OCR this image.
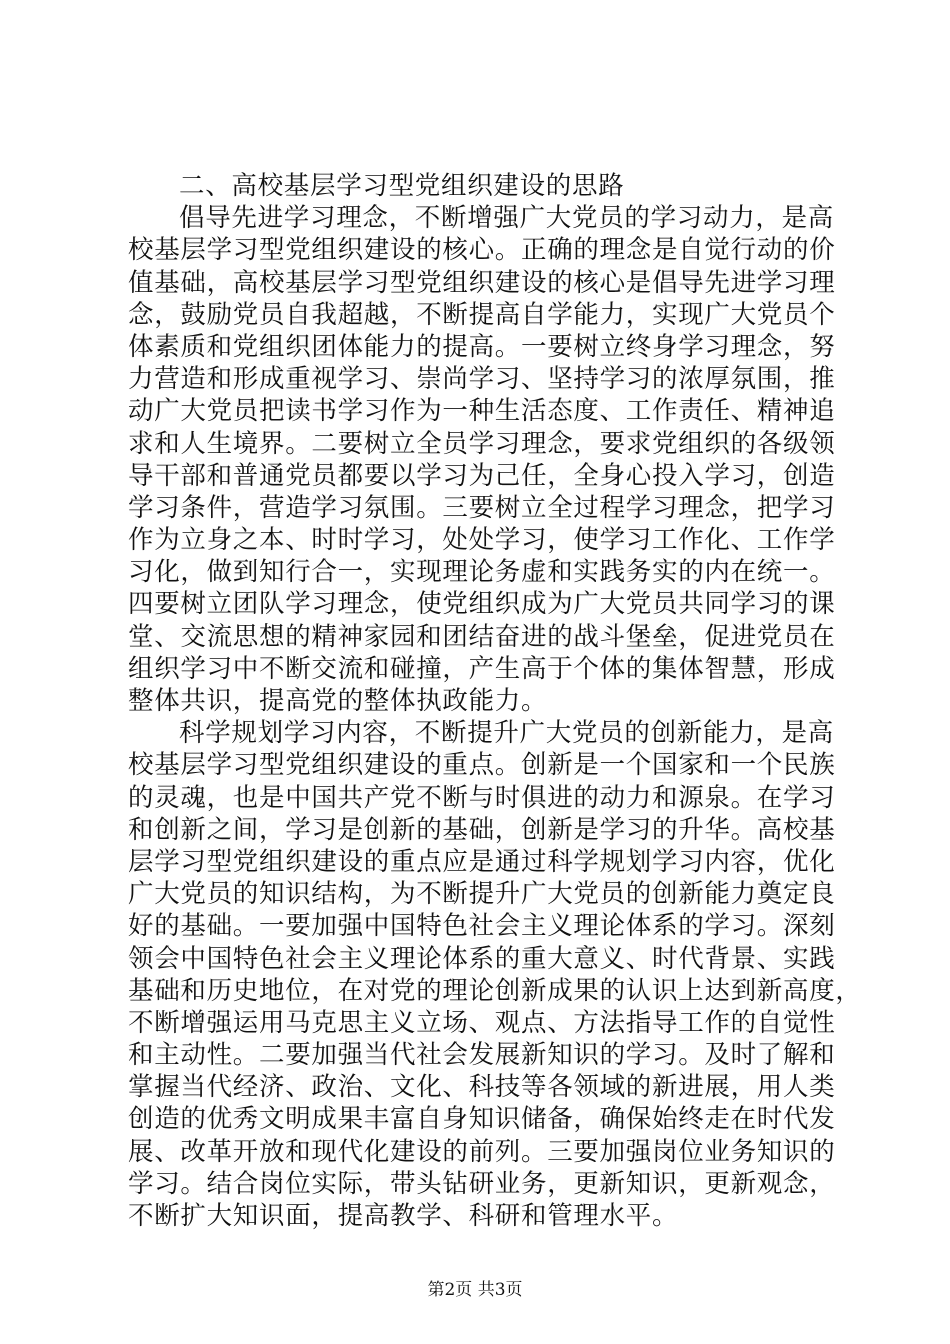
二、高校基层学习型党组织建设的思路
倡导先进学习理念，不断增强广大党员的学习动力，是高
校基层学习型党组织建设的核心。正确的理念是自觉行动的价
值基础，高校基层学习型党组织建设的核心是倡导先进学习理
念，鼓励党员自我超越，不断提高自学能力，实现广大党员个
体素质和党组织团体能力的提高。一要树立终身学习理念，努
力营造和形成重视学习、崇尚学习、坚持学习的浓厚氛围，推
动广大党员把读书学习作为一种生活态度、工作责任、精神追
求和人生境界。二要树立全员学习理念，要求党组织的各级领
导干部和普通党员都要以学习为己任，全身心投入学习，创造
学习条件，营造学习氛围。三要树立全过程学习理念，把学习
作为立身之本、时时学习，处处学习，使学习工作化、工作学
习化，做到知行合一，实现理论务虚和实践务实的内在统一。
四要树立团队学习理念，使党组织成为广大党员共同学习的课
堂、交流思想的精神家园和团结奋进的战斗堡垒，促进党员在
组织学习中不断交流和碰撞，产生高于个体的集体智慧，形成
整体共识，提高党的整体执政能力。
科学规划学习内容，不断提升广大党员的创新能力，是高
校基层学习型党组织建设的重点。创新是一个国家和一个民族
的灵魂，也是中国共产党不断与时俱进的动力和源泉。在学习
和创新之间，学习是创新的基础，创新是学习的升华。高校基
层学习型党组织建设的重点应是通过科学规划学习内容，优化
广大党员的知识结构，为不断提升广大党员的创新能力奠定良
好的基础。一要加强中国特色社会主义理论体系的学习。深刻
领会中国特色社会主义理论体系的重大意义、时代背景、实践
基础和历史地位，在对党的理论创新成果的认识上达到新高度，
不断增强运用马克思主义立场、观点、方法指导工作的自觉性
和主动性。二要加强当代社会发展新知识的学习。及时了解和
掌握当代经济、政治、文化、科技等各领域的新进展，用人类
创造的优秀文明成果丰富自身知识储备，确保始终走在时代发
展、改革开放和现代化建设的前列。三要加强岗位业务知识的
学习。结合岗位实际，带头钻研业务，更新知识，更新观念，
不断扩大知识面，提高教学、科研和管理水平。
第2页 共3页
